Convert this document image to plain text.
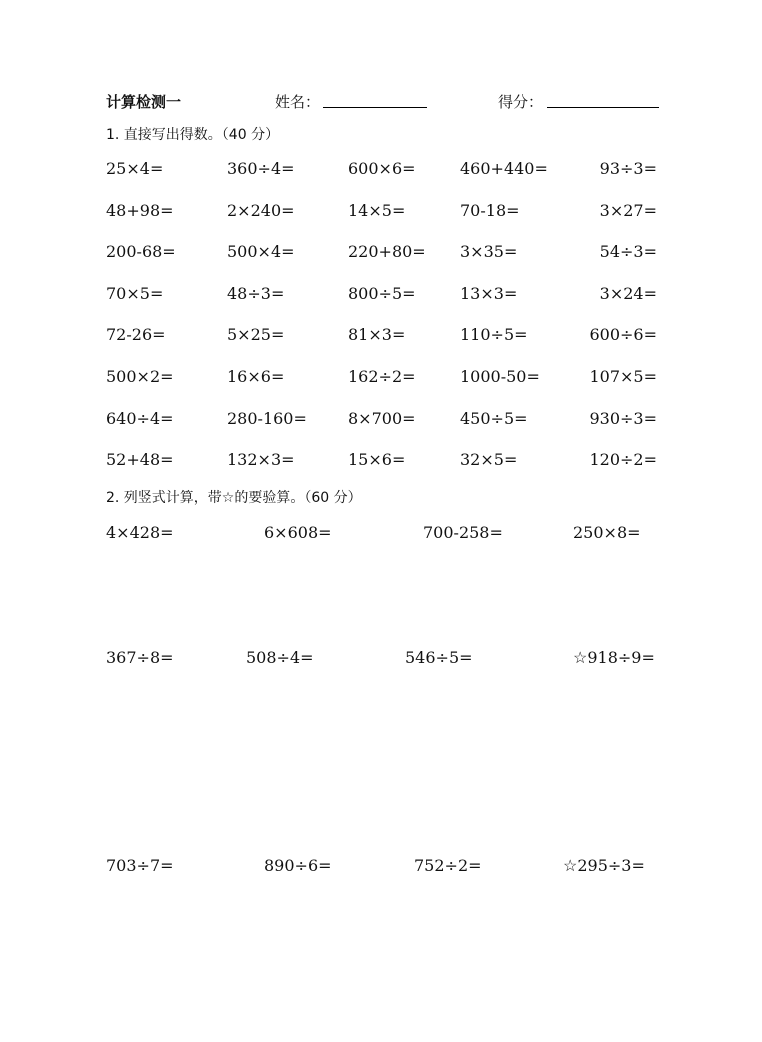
计算检测一	姓名：	得分：
1. 直接写出得数。（40 分）
25×4=	360÷4=	600×6=	460+440=	93÷3=
48+98=	2×240=	14×5=	70-18=	3×27=
200-68=	500×4=	220+80= 3×35=	54÷3=
70×5=	48÷3=	800÷5=	13×3=	3×24=
72-26=	5×25=	81×3=	110÷5=	600÷6=
500×2=	16×6=	162÷2=	1000-50=	107×5=
640÷4=	280-160=	8×700=	450÷5=	930÷3=
52+48=	132×3=	15×6=	32×5=	120÷2=
2. 列竖式计算，带☆的要验算。（60 分）
4×428=	6×608=	700-258=	250×8=
367÷8=	508÷4=	546÷5=	☆918÷9=
703÷7=	890÷6=	752÷2=	☆295÷3=
